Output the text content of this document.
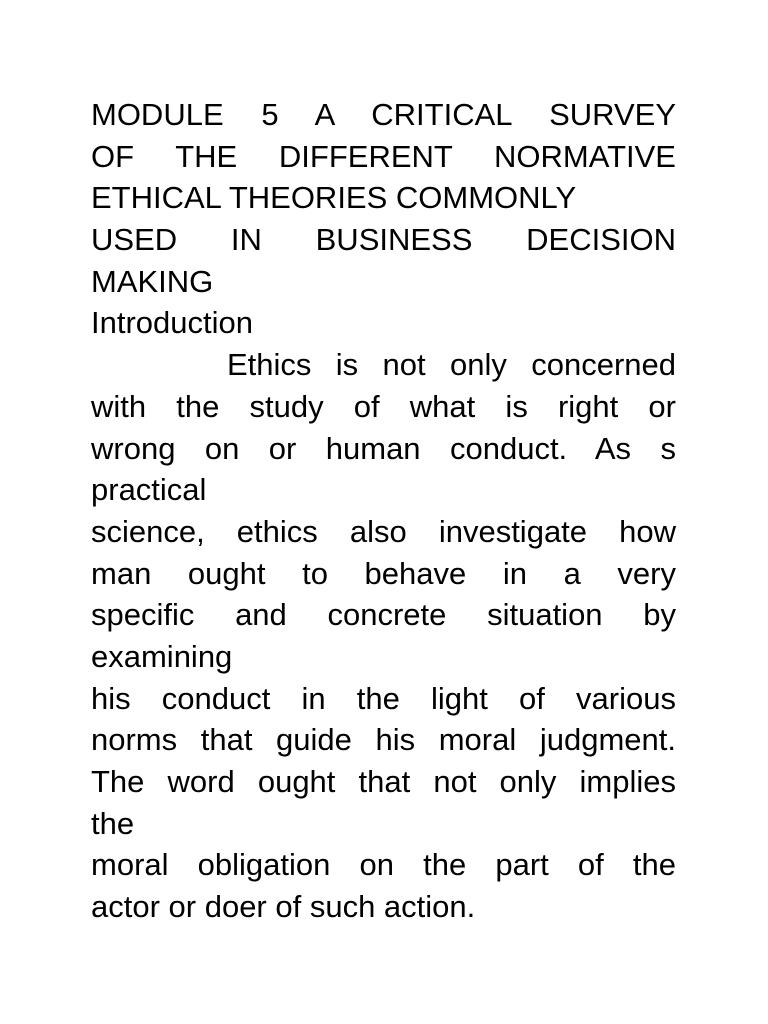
MODULE 5 A CRITICAL SURVEY
OF THE DIFFERENT NORMATIVE
ETHICAL THEORIES COMMONLY
USED IN BUSINESS DECISION
MAKING
Introduction
Ethics is not only concerned
with the study of what is right or
wrong on or human conduct. As s
practical
science, ethics also investigate how
man ought to behave in a very
specific and concrete situation by
examining
his conduct in the light of various
norms that guide his moral judgment.
The word ought that not only implies
the
moral obligation on the part of the
actor or doer of such action.
